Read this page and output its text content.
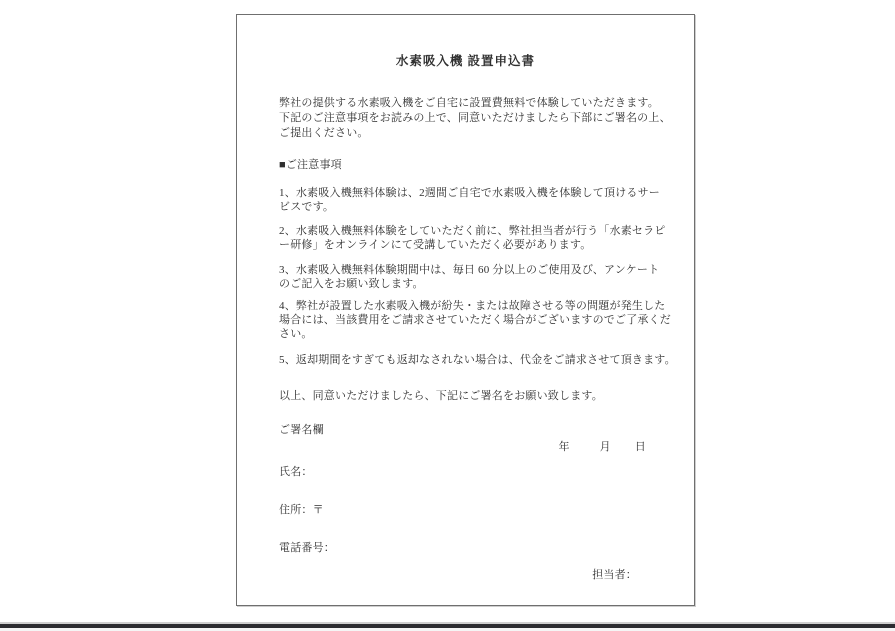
水素吸入機 設置申込書
弊社の提供する水素吸入機をご自宅に設置費無料で体験していただきます。
下記のご注意事項をお読みの上で、同意いただけましたら下部にご署名の上、
ご提出ください。
■ご注意事項
1、水素吸入機無料体験は、2週間ご自宅で水素吸入機を体験して頂けるサー
ビスです。
2、水素吸入機無料体験をしていただく前に、弊社担当者が行う「水素セラピ
ー研修」をオンラインにて受講していただく必要があります。
3、水素吸入機無料体験期間中は、毎日 60 分以上のご使用及び、アンケート
のご記入をお願い致します。
4、弊社が設置した水素吸入機が紛失・または故障させる等の問題が発生した
場合には、当該費用をご請求させていただく場合がございますのでご了承くだ
さい。
5、返却期間をすぎても返却なされない場合は、代金をご請求させて頂きます。
以上、同意いただけましたら、下記にご署名をお願い致します。
ご署名欄
年	月 日
氏名：
住所：〒
電話番号：
担当者：
